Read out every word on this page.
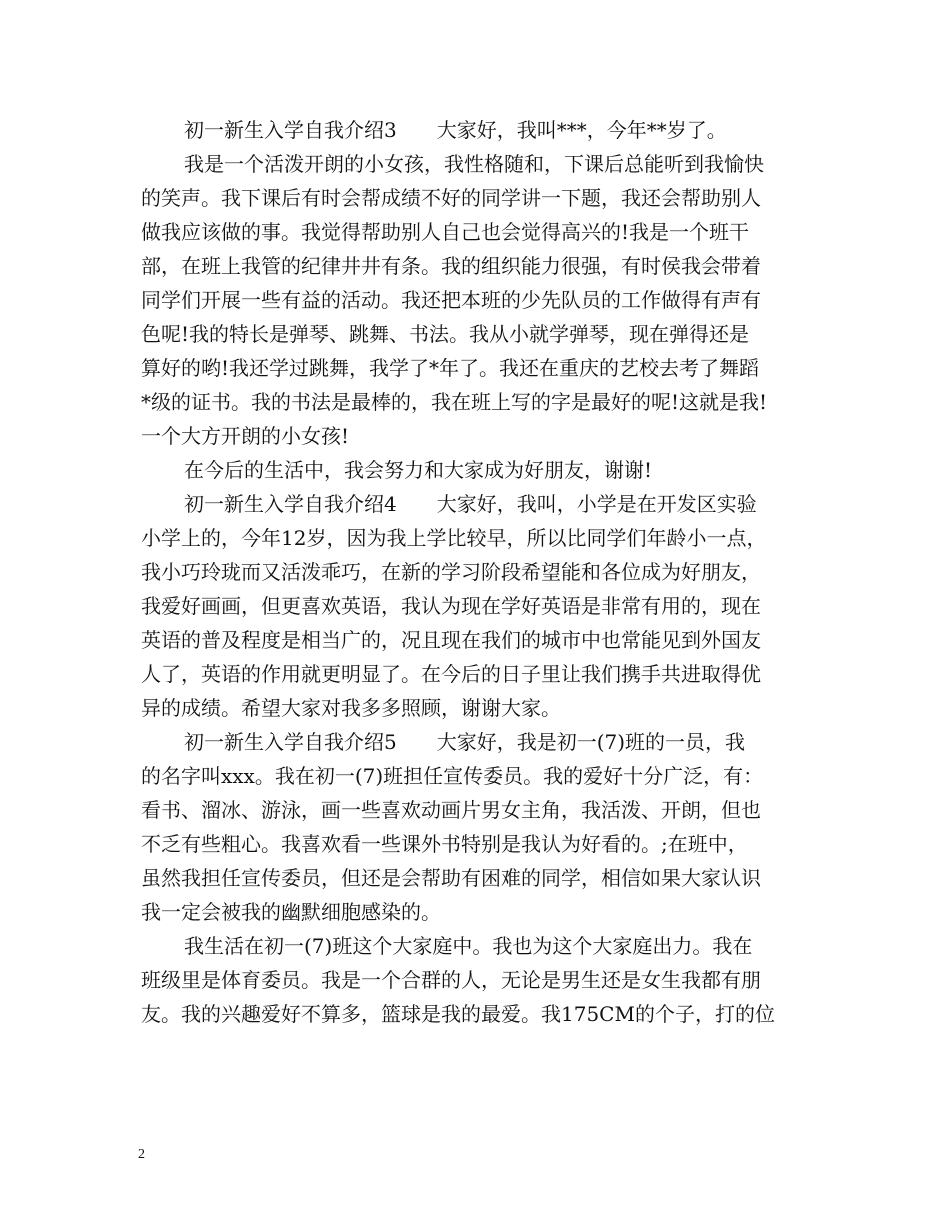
初一新生入学自我介绍3　　大家好，我叫***，今年**岁了。
我是一个活泼开朗的小女孩，我性格随和，下课后总能听到我愉快
的笑声。我下课后有时会帮成绩不好的同学讲一下题，我还会帮助别人
做我应该做的事。我觉得帮助别人自己也会觉得高兴的!我是一个班干
部，在班上我管的纪律井井有条。我的组织能力很强，有时侯我会带着
同学们开展一些有益的活动。我还把本班的少先队员的工作做得有声有
色呢!我的特长是弹琴、跳舞、书法。我从小就学弹琴，现在弹得还是
算好的哟!我还学过跳舞，我学了*年了。我还在重庆的艺校去考了舞蹈
*级的证书。我的书法是最棒的，我在班上写的字是最好的呢!这就是我!
一个大方开朗的小女孩!
在今后的生活中，我会努力和大家成为好朋友，谢谢!
初一新生入学自我介绍4　　大家好，我叫，小学是在开发区实验
小学上的，今年12岁，因为我上学比较早，所以比同学们年龄小一点，
我小巧玲珑而又活泼乖巧，在新的学习阶段希望能和各位成为好朋友，
我爱好画画，但更喜欢英语，我认为现在学好英语是非常有用的，现在
英语的普及程度是相当广的，况且现在我们的城市中也常能见到外国友
人了，英语的作用就更明显了。在今后的日子里让我们携手共进取得优
异的成绩。希望大家对我多多照顾，谢谢大家。
初一新生入学自我介绍5　　大家好，我是初一(7)班的一员，我
的名字叫xxx。我在初一(7)班担任宣传委员。我的爱好十分广泛，有：
看书、溜冰、游泳，画一些喜欢动画片男女主角，我活泼、开朗，但也
不乏有些粗心。我喜欢看一些课外书特别是我认为好看的。;在班中，
虽然我担任宣传委员，但还是会帮助有困难的同学，相信如果大家认识
我一定会被我的幽默细胞感染的。
我生活在初一(7)班这个大家庭中。我也为这个大家庭出力。我在
班级里是体育委员。我是一个合群的人，无论是男生还是女生我都有朋
友。我的兴趣爱好不算多，篮球是我的最爱。我175CM的个子，打的位
2
